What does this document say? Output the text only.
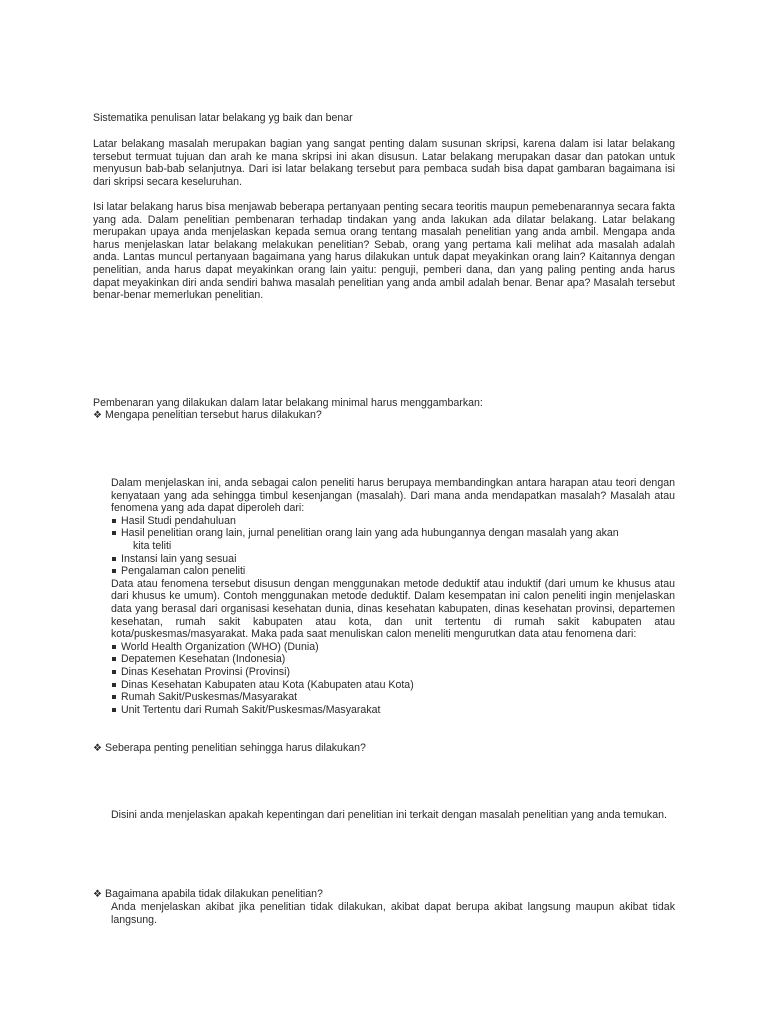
Sistematika penulisan latar belakang yg baik dan benar

Latar belakang masalah merupakan bagian yang sangat penting dalam susunan skripsi, karena dalam isi latar belakang tersebut termuat tujuan dan arah ke mana skripsi ini akan disusun. Latar belakang merupakan dasar dan patokan untuk menyusun bab-bab selanjutnya. Dari isi latar belakang tersebut para pembaca sudah bisa dapat gambaran bagaimana isi dari skripsi secara keseluruhan.

Isi latar belakang harus bisa menjawab beberapa pertanyaan penting secara teoritis maupun pemebenarannya secara fakta yang ada. Dalam penelitian pembenaran terhadap tindakan yang anda lakukan ada dilatar belakang. Latar belakang merupakan upaya anda menjelaskan kepada semua orang tentang masalah penelitian yang anda ambil. Mengapa anda harus menjelaskan latar belakang melakukan penelitian? Sebab, orang yang pertama kali melihat ada masalah adalah anda. Lantas muncul pertanyaan bagaimana yang harus dilakukan untuk dapat meyakinkan orang lain? Kaitannya dengan penelitian, anda harus dapat meyakinkan orang lain yaitu: penguji, pemberi dana, dan yang paling penting anda harus dapat meyakinkan diri anda sendiri bahwa masalah penelitian yang anda ambil adalah benar. Benar apa? Masalah tersebut benar-benar memerlukan penelitian.

Pembenaran yang dilakukan dalam latar belakang minimal harus menggambarkan:

❖ Mengapa penelitian tersebut harus dilakukan?

Dalam menjelaskan ini, anda sebagai calon peneliti harus berupaya membandingkan antara harapan atau teori dengan kenyataan yang ada sehingga timbul kesenjangan (masalah). Dari mana anda mendapatkan masalah? Masalah atau fenomena yang ada dapat diperoleh dari:

Hasil Studi pendahuluan
Hasil penelitian orang lain, jurnal penelitian orang lain yang ada hubungannya dengan masalah yang akan
kita teliti
Instansi lain yang sesuai
Pengalaman calon peneliti

Data atau fenomena tersebut disusun dengan menggunakan metode deduktif atau induktif (dari umum ke khusus atau dari khusus ke umum). Contoh menggunakan metode deduktif. Dalam kesempatan ini calon peneliti ingin menjelaskan data yang berasal dari organisasi kesehatan dunia, dinas kesehatan kabupaten, dinas kesehatan provinsi, departemen kesehatan, rumah sakit kabupaten atau kota, dan unit tertentu di rumah sakit kabupaten atau kota/puskesmas/masyarakat. Maka pada saat menuliskan calon meneliti mengurutkan data atau fenomena dari:

World Health Organization (WHO) (Dunia)
Depatemen Kesehatan (Indonesia)
Dinas Kesehatan Provinsi (Provinsi)
Dinas Kesehatan Kabupaten atau Kota (Kabupaten atau Kota)
Rumah Sakit/Puskesmas/Masyarakat
Unit Tertentu dari Rumah Sakit/Puskesmas/Masyarakat
❖ Seberapa penting penelitian sehingga harus dilakukan?

Disini anda menjelaskan apakah kepentingan dari penelitian ini terkait dengan masalah penelitian yang anda temukan.

❖ Bagaimana apabila tidak dilakukan penelitian?

Anda menjelaskan akibat jika penelitian tidak dilakukan, akibat dapat berupa akibat langsung maupun akibat tidak langsung.
